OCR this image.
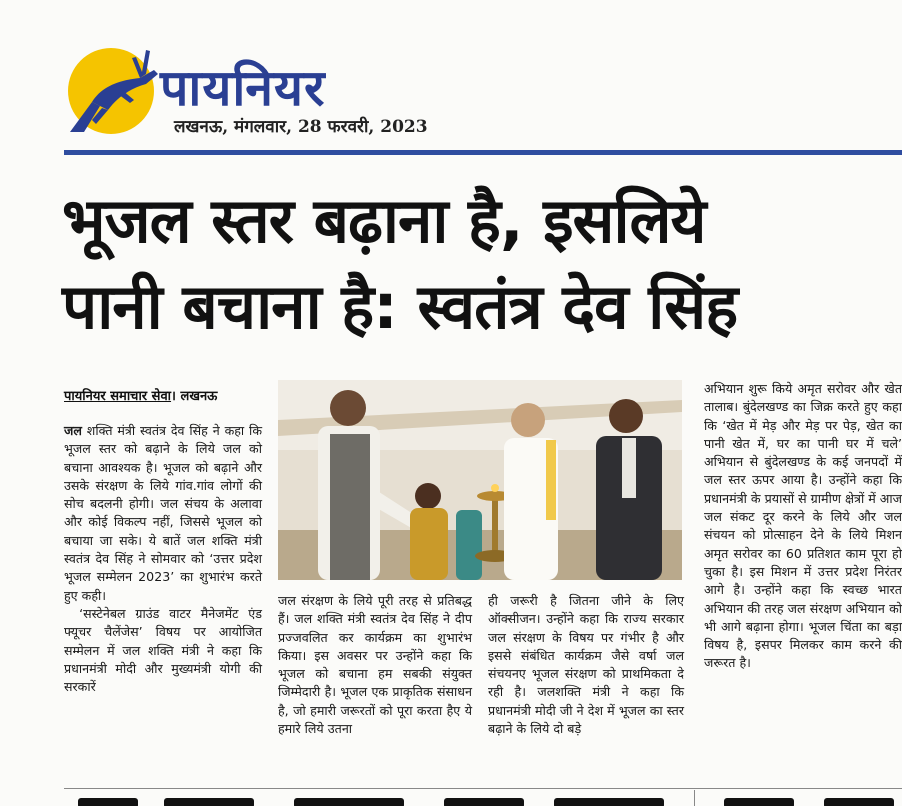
पायनियर
लखनऊ, मंगलवार, 28 फरवरी, 2023
भूजल स्तर बढ़ाना है, इसलिये
पानी बचाना है: स्वतंत्र देव सिंह
पायनियर समाचार सेवा। लखनऊ

जल शक्ति मंत्री स्वतंत्र देव सिंह ने कहा कि भूजल स्तर को बढ़ाने के लिये जल को बचाना आवश्यक है। भूजल को बढ़ाने और उसके संरक्षण के लिये गांव.गांव लोगों की सोच बदलनी होगी। जल संचय के अलावा और कोई विकल्प नहीं, जिससे भूजल को बचाया जा सके। ये बातें जल शक्ति मंत्री स्वतंत्र देव सिंह ने सोमवार को ‘उत्तर प्रदेश भूजल सम्मेलन 2023’ का शुभारंभ करते हुए कही।

‘सस्टेनेबल ग्राउंड वाटर मैनेजमेंट एंड फ्यूचर चैलेंजेस’ विषय पर आयोजित सम्मेलन में जल शक्ति मंत्री ने कहा कि प्रधानमंत्री मोदी और मुख्यमंत्री योगी की सरकारें

जल संरक्षण के लिये पूरी तरह से प्रतिबद्ध हैं। जल शक्ति मंत्री स्वतंत्र देव सिंह ने दीप प्रज्जवलित कर कार्यक्रम का शुभारंभ किया। इस अवसर पर उन्होंने कहा कि भूजल को बचाना हम सबकी संयुक्त जिम्मेदारी है। भूजल एक प्राकृतिक संसाधन है, जो हमारी जरूरतों को पूरा करता हैए ये हमारे लिये उतना

ही जरूरी है जितना जीने के लिए ऑक्सीजन। उन्होंने कहा कि राज्य सरकार जल संरक्षण के विषय पर गंभीर है और इससे संबंधित कार्यक्रम जैसे वर्षा जल संचयनए भूजल संरक्षण को प्राथमिकता दे रही है। जलशक्ति मंत्री ने कहा कि प्रधानमंत्री मोदी जी ने देश में भूजल का स्तर बढ़ाने के लिये दो बड़े

अभियान शुरू किये अमृत सरोवर और खेत तालाब। बुंदेलखण्ड का जिक्र करते हुए कहा कि ‘खेत में मेड़ और मेड़ पर पेड़, खेत का पानी खेत में, घर का पानी घर में चले’ अभियान से बुंदेलखण्ड के कई जनपदों में जल स्तर ऊपर आया है। उन्होंने कहा कि प्रधानमंत्री के प्रयासों से ग्रामीण क्षेत्रों में आज जल संकट दूर करने के लिये और जल संचयन को प्रोत्साहन देने के लिये मिशन अमृत सरोवर का 60 प्रतिशत काम पूरा हो चुका है। इस मिशन में उत्तर प्रदेश निरंतर आगे है। उन्होंने कहा कि स्वच्छ भारत अभियान की तरह जल संरक्षण अभियान को भी आगे बढ़ाना होगा। भूजल चिंता का बड़ा विषय है, इसपर मिलकर काम करने की जरूरत है।
